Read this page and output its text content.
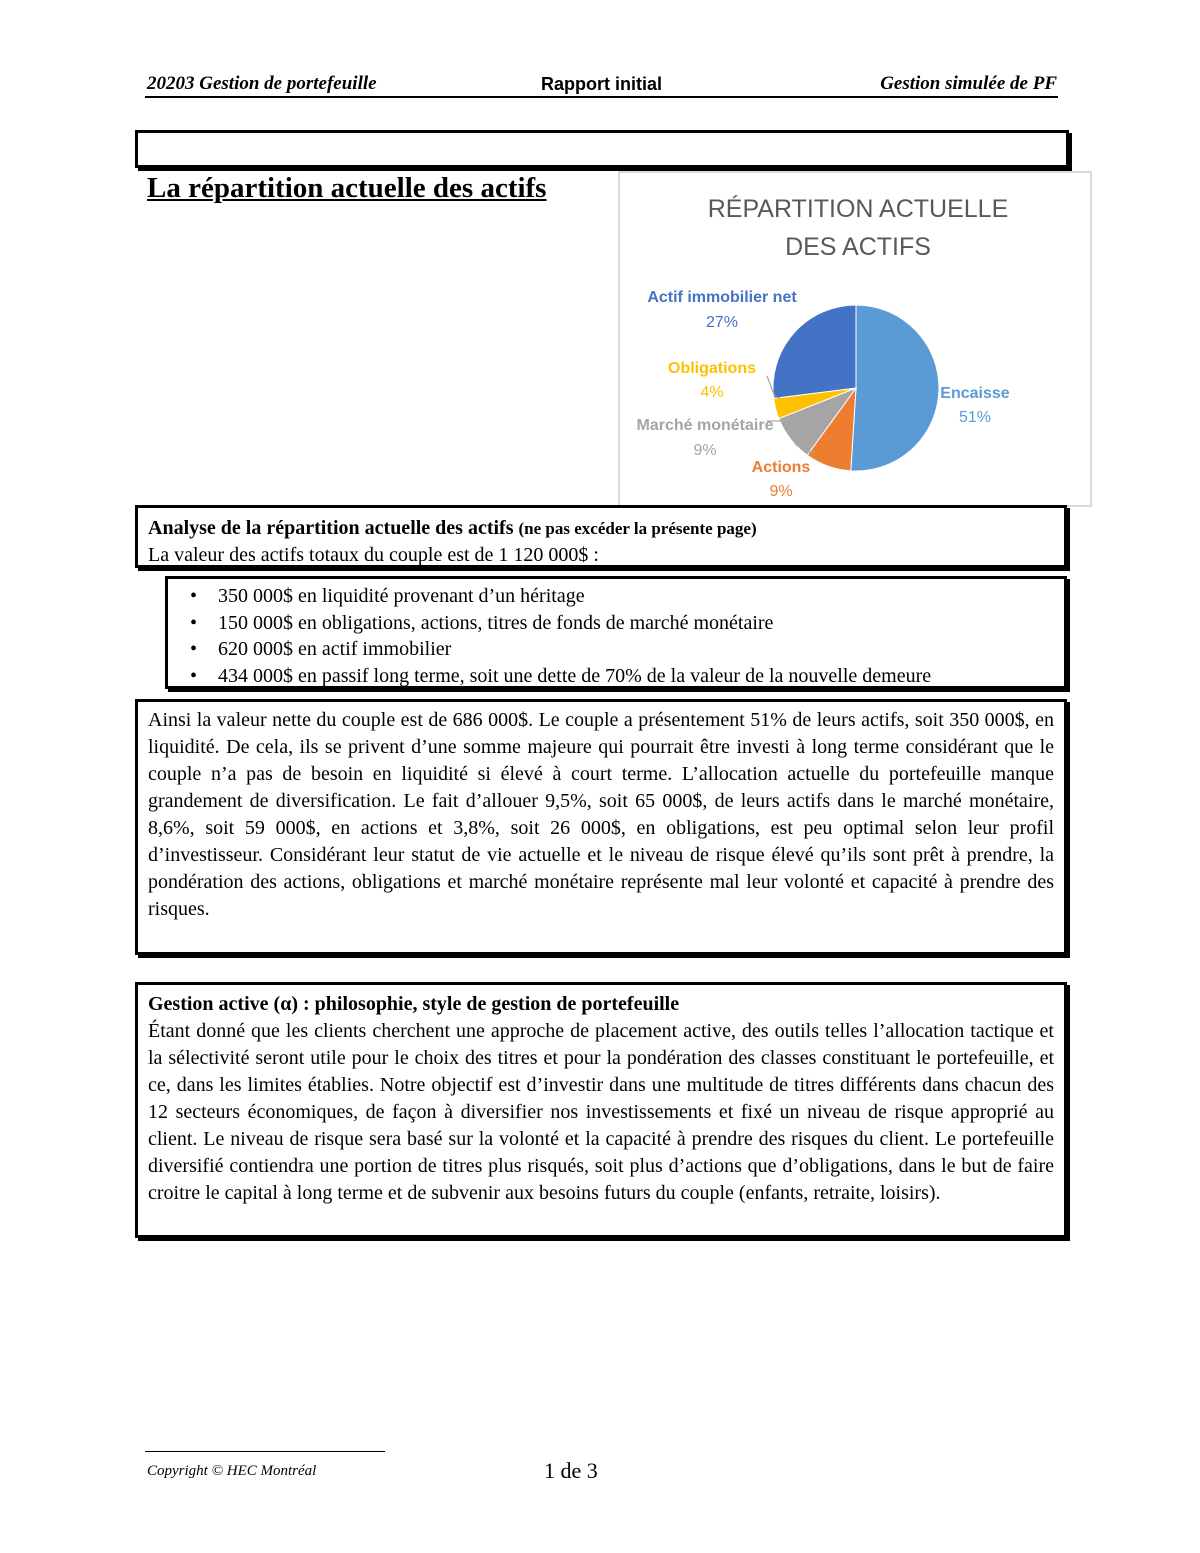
20203 Gestion de portefeuille	Rapport initial	Gestion simulée de PF
La répartition actuelle des actifs
RÉPARTITION ACTUELLE
DES ACTIFS
Encaisse
51%
Actions
9%
Marché monétaire
9%
Obligations
4%
Actif immobilier net
27%
Analyse de la répartition actuelle des actifs (ne pas excéder la présente page)
La valeur des actifs totaux du couple est de 1 120 000$ :
• 350 000$ en liquidité provenant d’un héritage
• 150 000$ en obligations, actions, titres de fonds de marché monétaire
• 620 000$ en actif immobilier
• 434 000$ en passif long terme, soit une dette de 70% de la valeur de la nouvelle demeure
Ainsi la valeur nette du couple est de 686 000$. Le couple a présentement 51% de leurs actifs, soit 350 000$, en liquidité. De cela, ils se privent d’une somme majeure qui pourrait être investi à long terme considérant que le couple n’a pas de besoin en liquidité si élevé à court terme. L’allocation actuelle du portefeuille manque grandement de diversification. Le fait d’allouer 9,5%, soit 65 000$, de leurs actifs dans le marché monétaire, 8,6%, soit 59 000$, en actions et 3,8%, soit 26 000$, en obligations, est peu optimal selon leur profil d’investisseur. Considérant leur statut de vie actuelle et le niveau de risque élevé qu’ils sont prêt à prendre, la pondération des actions, obligations et marché monétaire représente mal leur volonté et capacité à prendre des risques.
Gestion active (α) : philosophie, style de gestion de portefeuille
Étant donné que les clients cherchent une approche de placement active, des outils telles l’allocation tactique et la sélectivité seront utile pour le choix des titres et pour la pondération des classes constituant le portefeuille, et ce, dans les limites établies. Notre objectif est d’investir dans une multitude de titres différents dans chacun des 12 secteurs économiques, de façon à diversifier nos investissements et fixé un niveau de risque approprié au client. Le niveau de risque sera basé sur la volonté et la capacité à prendre des risques du client. Le portefeuille diversifié contiendra une portion de titres plus risqués, soit plus d’actions que d’obligations, dans le but de faire croitre le capital à long terme et de subvenir aux besoins futurs du couple (enfants, retraite, loisirs).
Copyright © HEC Montréal	1 de 3
